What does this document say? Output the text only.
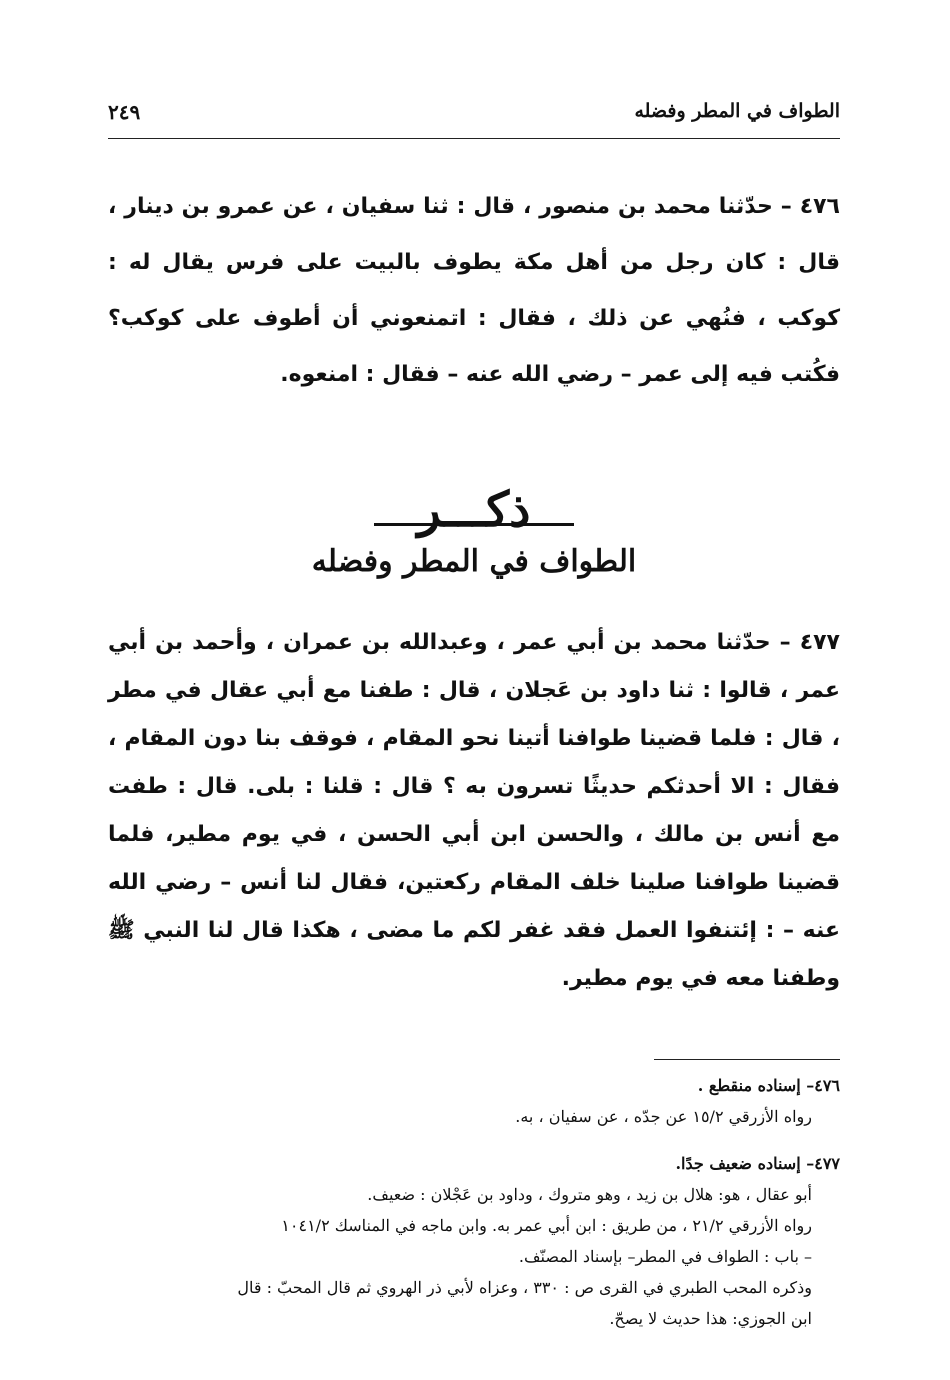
الطواف في المطر وفضله
٢٤٩

٤٧٦ – حدّثنا محمد بن منصور ، قال : ثنا سفيان ، عن عمرو بن دينار ، قال : كان رجل من أهل مكة يطوف بالبيت على فرس يقال له : كوكب ، فنُهي عن ذلك ، فقال : اتمنعوني أن أطوف على كوكب؟ فكُتب فيه إلى عمر – رضي الله عنه – فقال : امنعوه.

ذكـــر
الطواف في المطر وفضله

٤٧٧ – حدّثنا محمد بن أبي عمر ، وعبدالله بن عمران ، وأحمد بن أبي عمر ، قالوا : ثنا داود بن عَجلان ، قال : طفنا مع أبي عقال في مطر ، قال : فلما قضينا طوافنا أتينا نحو المقام ، فوقف بنا دون المقام ، فقال : الا أحدثكم حديثًا تسرون به ؟ قال : قلنا : بلى. قال : طفت مع أنس بن مالك ، والحسن ابن أبي الحسن ، في يوم مطير، فلما قضينا طوافنا صلينا خلف المقام ركعتين، فقال لنا أنس – رضي الله عنه – : إئتنفوا العمل فقد غفر لكم ما مضى ، هكذا قال لنا النبي ﷺ وطفنا معه في يوم مطير.

٤٧٦– إسناده منقطع .
رواه الأزرقي ١٥/٢ عن جدّه ، عن سفيان ، به.
٤٧٧– إسناده ضعيف جدًا.
أبو عقال ، هو: هلال بن زيد ، وهو متروك ، وداود بن عَجْلان : ضعيف.
رواه الأزرقي ٢١/٢ ، من طريق : ابن أبي عمر به. وابن ماجه في المناسك ١٠٤١/٢
– باب : الطواف في المطر– بإسناد المصنّف.
وذكره المحب الطبري في القرى ص : ٣٣٠ ، وعزاه لأبي ذر الهروي ثم قال المحبّ : قال
ابن الجوزي: هذا حديث لا يصحّ.
